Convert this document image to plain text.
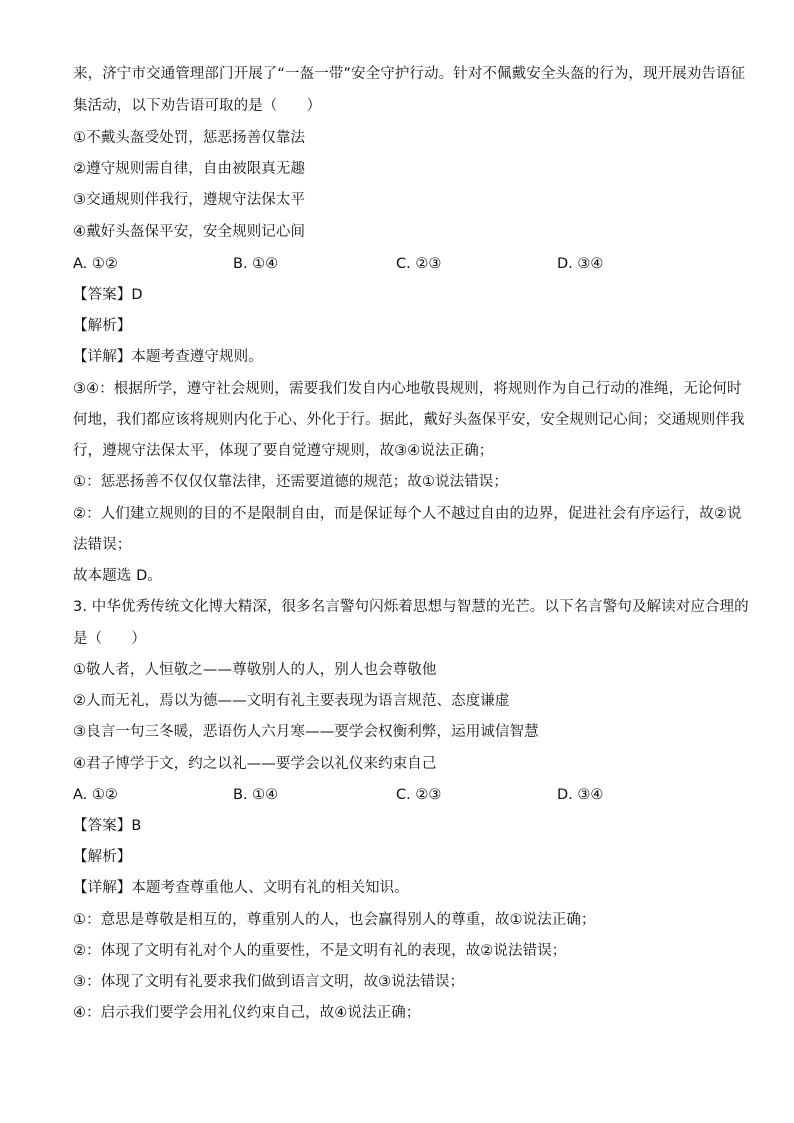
来，济宁市交通管理部门开展了“一盔一带”安全守护行动。针对不佩戴安全头盔的行为，现开展劝告语征
集活动，以下劝告语可取的是（　　）
①不戴头盔受处罚，惩恶扬善仅靠法
②遵守规则需自律，自由被限真无趣
③交通规则伴我行，遵规守法保太平
④戴好头盔保平安，安全规则记心间
A. ①②	B. ①④	C. ②③	D. ③④
【答案】D
【解析】
【详解】本题考查遵守规则。
③④：根据所学，遵守社会规则，需要我们发自内心地敬畏规则，将规则作为自己行动的准绳，无论何时
何地，我们都应该将规则内化于心、外化于行。据此，戴好头盔保平安，安全规则记心间；交通规则伴我
行，遵规守法保太平，体现了要自觉遵守规则，故③④说法正确；
①：惩恶扬善不仅仅仅靠法律，还需要道德的规范；故①说法错误；
②：人们建立规则的目的不是限制自由，而是保证每个人不越过自由的边界，促进社会有序运行，故②说
法错误；
故本题选 D。
3. 中华优秀传统文化博大精深，很多名言警句闪烁着思想与智慧的光芒。以下名言警句及解读对应合理的
是（　　）
①敬人者，人恒敬之——尊敬别人的人，别人也会尊敬他
②人而无礼，焉以为德——文明有礼主要表现为语言规范、态度谦虚
③良言一句三冬暖，恶语伤人六月寒——要学会权衡利弊，运用诚信智慧
④君子博学于文，约之以礼——要学会以礼仪来约束自己
A. ①②	B. ①④	C. ②③	D. ③④
【答案】B
【解析】
【详解】本题考查尊重他人、文明有礼的相关知识。
①：意思是尊敬是相互的，尊重别人的人，也会赢得别人的尊重，故①说法正确；
②：体现了文明有礼对个人的重要性，不是文明有礼的表现，故②说法错误；
③：体现了文明有礼要求我们做到语言文明，故③说法错误；
④：启示我们要学会用礼仪约束自己，故④说法正确；
